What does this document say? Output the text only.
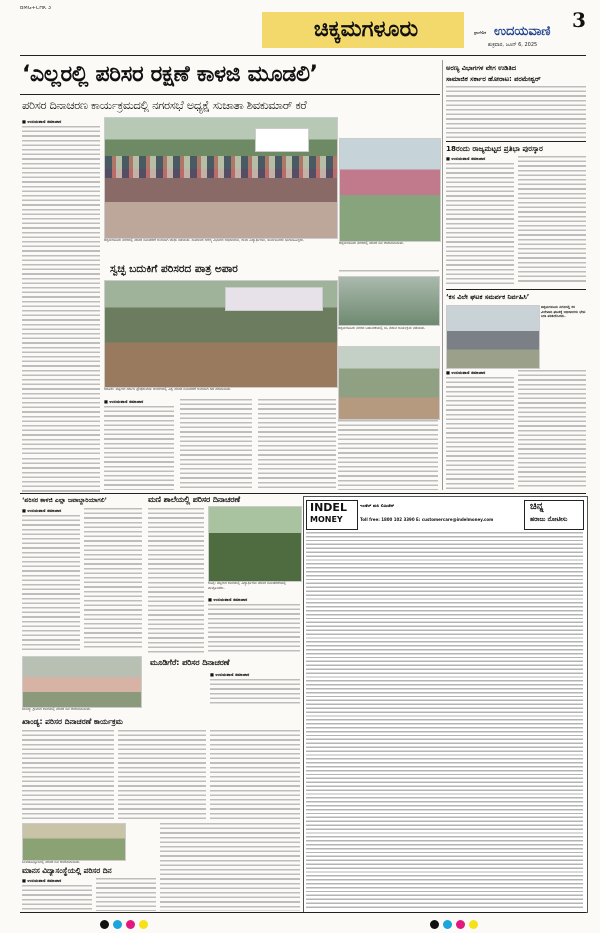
BMG+CHK 3
ಚಿಕ್ಕಮಗಳೂರು	3
ಪ್ರಾದೇಶಿಕ ಉದಯವಾಣಿ
ಶುಕ್ರವಾರ, ಜೂನ್ 6, 2025
‘ಎಲ್ಲರಲ್ಲಿ ಪರಿಸರ ರಕ್ಷಣೆ ಕಾಳಜಿ ಮೂಡಲಿ’
ಪರಿಸರ ದಿನಾಚರಣ ಕಾರ್ಯಕ್ರಮದಲ್ಲಿ ನಗರಸಭೆ ಅಧ್ಯಕ್ಷೆ ಸುಜಾತಾ ಶಿವಕುಮಾರ್ ಕರೆ
■ ಉದಯವಾಣಿ ಸಮಾಚಾರ
ಚಿಕ್ಕಮಗಳೂರು ನಗರದಲ್ಲಿ ಪರಿಸರ ದಿನಾಚರಣೆ ಅಂಗವಾಗಿ ಜಾಥಾ ನಡೆಯಿತು. ಸಾಮಾಜಿಕ ಅರಣ್ಯ ವಿಭಾಗದ ಅಧಿಕಾರಿಗಳು, ಶಾಲಾ ವಿದ್ಯಾರ್ಥಿಗಳು, ಸಾರ್ವಜನಿಕರು ಭಾಗವಹಿಸಿದ್ದರು.
ಚಿಕ್ಕಮಗಳೂರು ನಗರದಲ್ಲಿ ಪರಿಸರ ದಿನ ಆಚರಿಸಲಾಯಿತು.
ಸ್ವಚ್ಛ ಬದುಕಿಗೆ ಪರಿಸರದ ಪಾತ್ರ ಅಪಾರ
ಕಡೂರು: ಪಟ್ಟಣದ ಸರ್ಕಾರಿ ಪ್ರೌಢಶಾಲೆಯ ಆವರಣದಲ್ಲಿ ವಿಶ್ವ ಪರಿಸರ ದಿನಾಚರಣೆ ಅಂಗವಾಗಿ ಗಿಡ ನೆಡಲಾಯಿತು.
■ ಉದಯವಾಣಿ ಸಮಾಚಾರ
ಚಿಕ್ಕಮಗಳೂರು ನಗರದ ಬಡಾವಣೆಯಲ್ಲಿ ಸಸಿ ನೆಡುವ ಕಾರ್ಯಕ್ರಮ ನಡೆಯಿತು.
ಅರಣ್ಯ ವಿಭಾಗಗಳ ವೇಗ ಉಡಿತಿದ
ಸಾಮಾಜಿಕ ಸರ್ಕಾರ ಹೋರಾಟ: ಪರಮೇಶ್ವರ್
18ರಂದು ರಾಜ್ಯಮಟ್ಟದ ಪ್ರತಿಭಾ ಪುರಸ್ಕಾರ
■ ಉದಯವಾಣಿ ಸಮಾಚಾರ
‘ಕಸ ವಿಲೇ ಘಟಕ ಸಮರ್ಪಕ ನಿರ್ವಹಿಸಿ’
ಚಿಕ್ಕಮಗಳೂರು ನಗರದಲ್ಲಿ ಕಸ ವಿಲೇವಾರಿ ಘಟಕಕ್ಕೆ ಅಧಿಕಾರಿಗಳು ಭೇಟಿ ನೀಡಿ ಪರಿಶೀಲಿಸಿದರು.
■ ಉದಯವಾಣಿ ಸಮಾಚಾರ
‘ಪರಿಸರ ಕಾಳಜಿ ಎಲ್ಲಾ ಜವಾಬ್ದಾರಿಯಾಗಲಿ’
■ ಉದಯವಾಣಿ ಸಮಾಚಾರ
ಮಣಿ ಶಾಲೆಯಲ್ಲಿ ಪರಿಸರ ದಿನಾಚರಣೆ
ಕೊಪ್ಪ: ಪಟ್ಟಣದ ಶಾಲೆಯಲ್ಲಿ ವಿದ್ಯಾರ್ಥಿಗಳು ಪರಿಸರ ದಿನಾಚರಣೆಯಲ್ಲಿ ಪಾಲ್ಗೊಂಡರು.
■ ಉದಯವಾಣಿ ಸಮಾಚಾರ
ಖಾಂಡ್ಯ: ಗ್ರಾಮದ ಶಾಲೆಯಲ್ಲಿ ಪರಿಸರ ದಿನ ಆಚರಿಸಲಾಯಿತು.
ಖಾಂಡ್ಯ: ಪರಿಸರ ದಿನಾಚರಣೆ ಕಾರ್ಯಕ್ರಮ
ಮೂಡಿಗೆರೆ: ಪರಿಸರ ದಿನಾಚರಣೆ
■ ಉದಯವಾಣಿ ಸಮಾಚಾರ
ಬಾಳೆಹೊನ್ನೂರಿನಲ್ಲಿ ಪರಿಸರ ದಿನ ಆಚರಿಸಲಾಯಿತು.
ಮಾನಸ ವಿದ್ಯಾಸಂಸ್ಥೆಯಲ್ಲಿ ಪರಿಸರ ದಿನ
■ ಉದಯವಾಣಿ ಸಮಾಚಾರ
INDEL
MONEY
ಇಂಡೆಲ್ ಮನಿ ಲಿಮಿಟೆಡ್
Toll free: 1800 102 3390 E: customercare@indelmoney.com
ಚಿನ್ನ
ಹರಾಜು ನೋಟೀಸು
